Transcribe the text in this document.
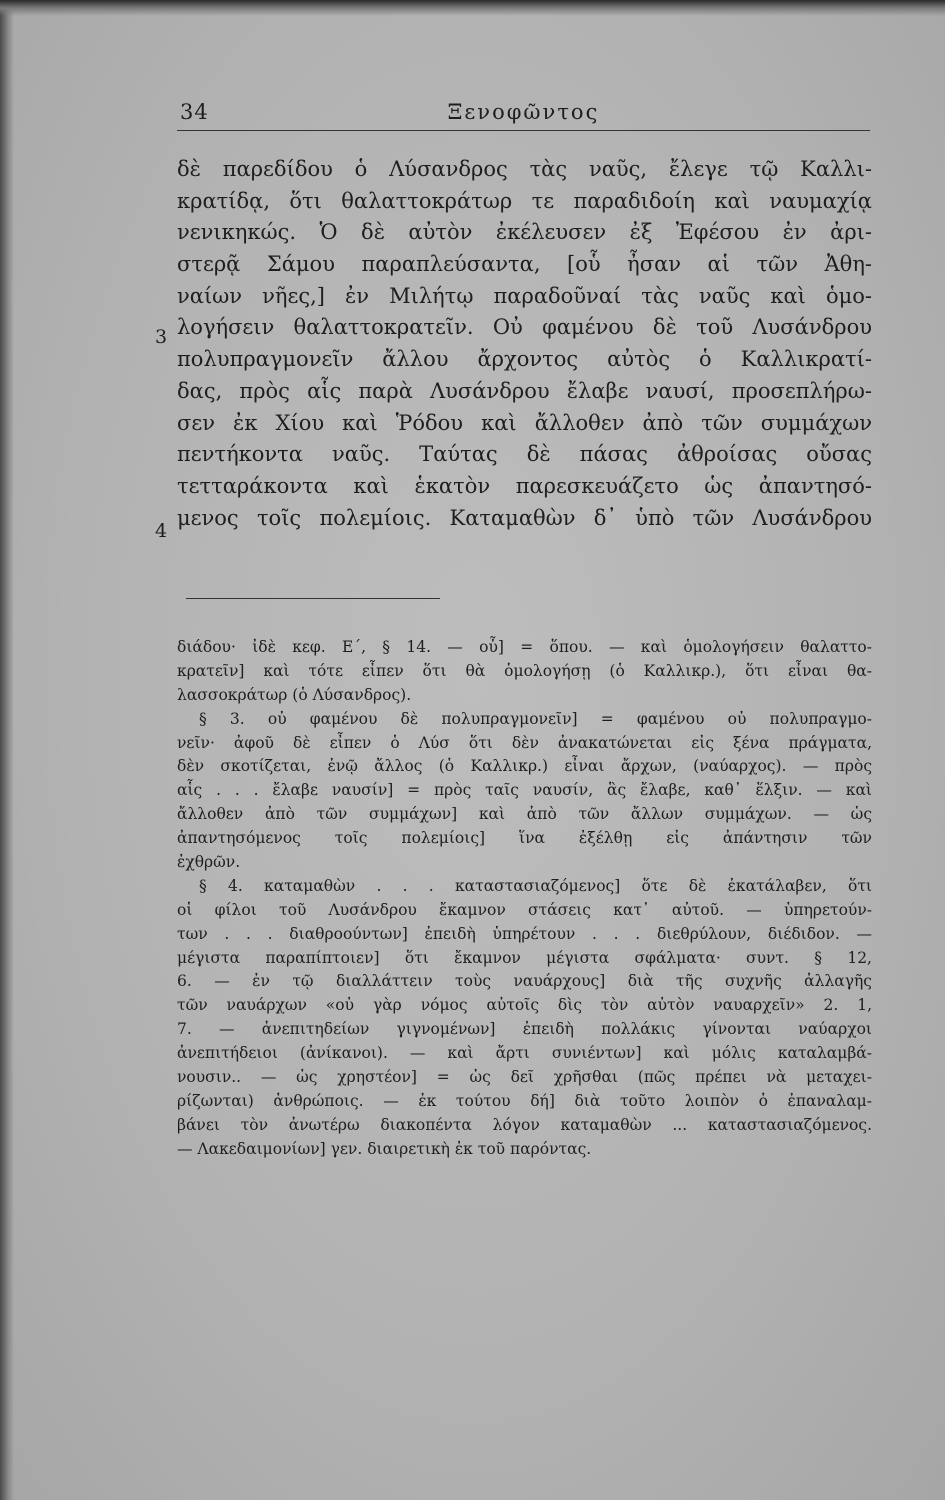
34	Ξενοφῶντος
δὲ παρεδίδου ὁ Λύσανδρος τὰς ναῦς, ἔλεγε τῷ Καλλι-
κρατίδᾳ, ὅτι θαλαττοκράτωρ τε παραδιδοίη καὶ ναυμαχίᾳ
νενικηκώς. Ὁ δὲ αὐτὸν ἐκέλευσεν ἐξ Ἐφέσου ἐν ἀρι-
στερᾷ Σάμου παραπλεύσαντα, [οὗ ἦσαν αἱ τῶν Ἀθη-
ναίων νῆες,] ἐν Μιλήτῳ παραδοῦναί τὰς ναῦς καὶ ὁμο-
λογήσειν θαλαττοκρατεῖν. Οὐ φαμένου δὲ τοῦ Λυσάνδρου
πολυπραγμονεῖν ἄλλου ἄρχοντος αὐτὸς ὁ Καλλικρατί-
δας, πρὸς αἷς παρὰ Λυσάνδρου ἔλαβε ναυσί, προσεπλήρω-
σεν ἐκ Χίου καὶ Ῥόδου καὶ ἄλλοθεν ἀπὸ τῶν συμμάχων
πεντήκοντα ναῦς. Ταύτας δὲ πάσας ἀθροίσας οὔσας
τετταράκοντα καὶ ἑκατὸν παρεσκευάζετο ὡς ἀπαντησό-
μενος τοῖς πολεμίοις. Καταμαθὼν δ᾽ ὑπὸ τῶν Λυσάνδρου
3
4
διάδου· ἰδὲ κεφ. Ε΄, § 14. — οὗ] = ὅπου. — καὶ ὁμολογήσειν θαλαττο-
κρατεῖν] καὶ τότε εἶπεν ὅτι θὰ ὁμολογήσῃ (ὁ Καλλικρ.), ὅτι εἶναι θα-
λασσοκράτωρ (ὁ Λύσανδρος).
§ 3. οὐ φαμένου δὲ πολυπραγμονεῖν] = φαμένου οὐ πολυπραγμο-
νεῖν· ἀφοῦ δὲ εἶπεν ὁ Λύσ ὅτι δὲν ἀνακατώνεται εἰς ξένα πράγματα,
δὲν σκοτίζεται, ἐνῷ ἄλλος (ὁ Καλλικρ.) εἶναι ἄρχων, (ναύαρχος). — πρὸς
αἷς . . . ἔλαβε ναυσίν] = πρὸς ταῖς ναυσίν, ἃς ἔλαβε, καθ᾽ ἕλξιν. — καὶ
ἄλλοθεν ἀπὸ τῶν συμμάχων] καὶ ἀπὸ τῶν ἄλλων συμμάχων. — ὡς
ἀπαντησόμενος τοῖς πολεμίοις] ἵνα ἐξέλθῃ εἰς ἀπάντησιν τῶν
ἐχθρῶν.
§ 4. καταμαθὼν . . . καταστασιαζόμενος] ὅτε δὲ ἐκατάλαβεν, ὅτι
οἱ φίλοι τοῦ Λυσάνδρου ἔκαμνον στάσεις κατ᾽ αὐτοῦ. — ὑπηρετούν-
των . . . διαθροούντων] ἐπειδὴ ὑπηρέτουν . . . διεθρύλουν, διέδιδον. —
μέγιστα παραπίπτοιεν] ὅτι ἔκαμνον μέγιστα σφάλματα· συντ. § 12,
6. — ἐν τῷ διαλλάττειν τοὺς ναυάρχους] διὰ τῆς συχνῆς ἀλλαγῆς
τῶν ναυάρχων «οὐ γὰρ νόμος αὐτοῖς δὶς τὸν αὐτὸν ναυαρχεῖν» 2. 1,
7. — ἀνεπιτηδείων γιγνομένων] ἐπειδὴ πολλάκις γίνονται ναύαρχοι
ἀνεπιτήδειοι (ἀνίκανοι). — καὶ ἄρτι συνιέντων] καὶ μόλις καταλαμβά-
νουσιν.. — ὡς χρηστέον] = ὡς δεῖ χρῆσθαι (πῶς πρέπει νὰ μεταχει-
ρίζωνται) ἀνθρώποις. — ἐκ τούτου δή] διὰ τοῦτο λοιπὸν ὁ ἐπαναλαμ-
βάνει τὸν ἀνωτέρω διακοπέντα λόγον καταμαθὼν ... καταστασιαζόμενος.
— Λακεδαιμονίων] γεν. διαιρετικὴ ἐκ τοῦ παρόντας.
